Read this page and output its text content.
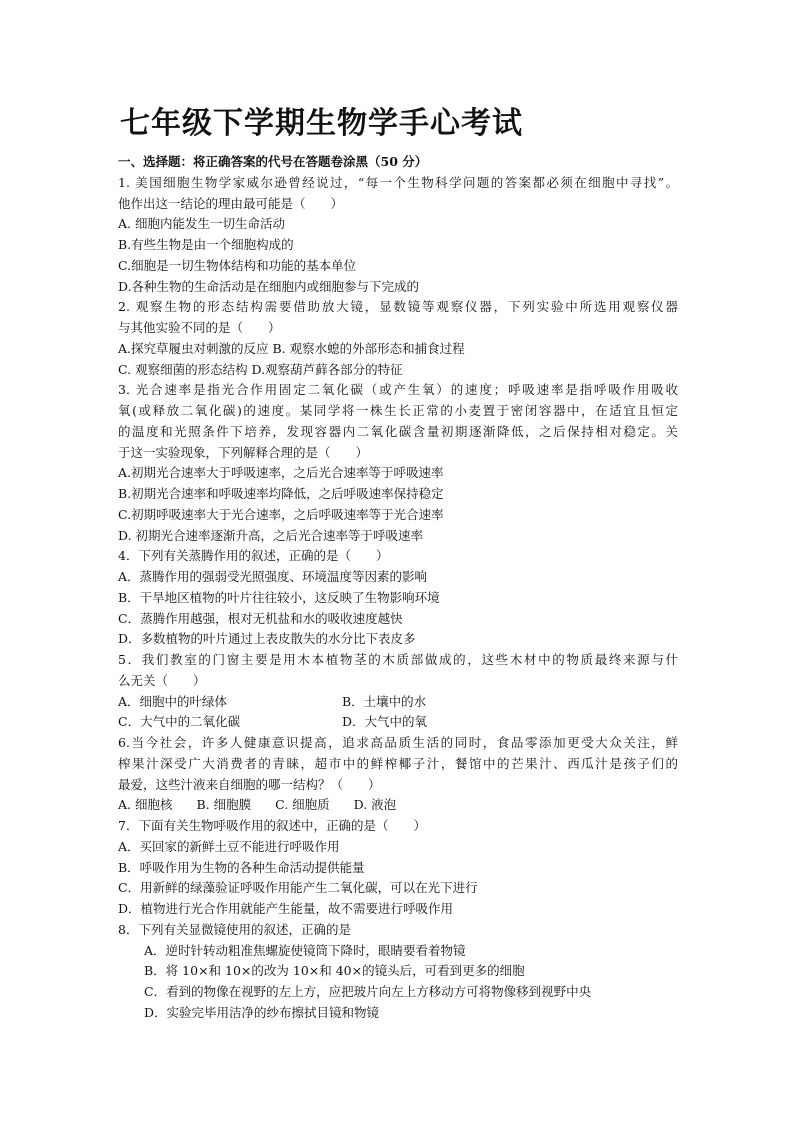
七年级下学期生物学手心考试
一、选择题：将正确答案的代号在答题卷涂黑（50 分）
1. 美国细胞生物学家威尔逊曾经说过，“每一个生物科学问题的答案都必须在细胞中寻找”。
他作出这一结论的理由最可能是（　　）
A. 细胞内能发生一切生命活动
B.有些生物是由一个细胞构成的
C.细胞是一切生物体结构和功能的基本单位
D.各种生物的生命活动是在细胞内或细胞参与下完成的
2. 观察生物的形态结构需要借助放大镜，显数镜等观察仪器，下列实验中所选用观察仪器
与其他实验不同的是（　　）
A.探究草履虫对刺激的反应 B. 观察水螅的外部形态和捕食过程
C. 观察细菌的形态结构 D.观察葫芦藓各部分的特征
3. 光合速率是指光合作用固定二氧化碳（或产生氧）的速度；呼吸速率是指呼吸作用吸收
氧(或释放二氧化碳)的速度。某同学将一株生长正常的小麦置于密闭容器中，在适宜且恒定
的温度和光照条件下培养，发现容器内二氧化碳含量初期逐渐降低，之后保持相对稳定。关
于这一实验现象，下列解释合理的是（　　）
A.初期光合速率大于呼吸速率，之后光合速率等于呼吸速率
B.初期光合速率和呼吸速率均降低，之后呼吸速率保持稳定
C.初期呼吸速率大于光合速率，之后呼吸速率等于光合速率
D. 初期光合速率逐渐升高，之后光合速率等于呼吸速率
4．下列有关蒸腾作用的叙述，正确的是（　　）
A．蒸腾作用的强弱受光照强度、环境温度等因素的影响
B．干旱地区植物的叶片往往较小，这反映了生物影响环境
C．蒸腾作用越强，根对无机盐和水的吸收速度越快
D．多数植物的叶片通过上表皮散失的水分比下表皮多
5．我们教室的门窗主要是用木本植物茎的木质部做成的，这些木材中的物质最终来源与什
么无关（　　）
A．细胞中的叶绿体	B．土壤中的水
C．大气中的二氧化碳	D．大气中的氧
6.当今社会，许多人健康意识提高，追求高品质生活的同时，食品零添加更受大众关注，鲜
榨果汁深受广大消费者的青睐，超市中的鲜榨椰子汁，餐馆中的芒果汁、西瓜汁是孩子们的
最爱，这些汁液来自细胞的哪一结构？（　　）
A. 细胞核 B. 细胞膜 C. 细胞质 D. 液泡
7．下面有关生物呼吸作用的叙述中，正确的是（　　）
A．买回家的新鲜土豆不能进行呼吸作用
B．呼吸作用为生物的各种生命活动提供能量
C．用新鲜的绿藻验证呼吸作用能产生二氧化碳，可以在光下进行
D．植物进行光合作用就能产生能量，故不需要进行呼吸作用
8．下列有关显微镜使用的叙述，正确的是
A．逆时针转动粗准焦螺旋使镜筒下降时，眼睛要看着物镜
B．将 10×和 10×的改为 10×和 40×的镜头后，可看到更多的细胞
C．看到的物像在视野的左上方，应把玻片向左上方移动方可将物像移到视野中央
D．实验完毕用洁净的纱布擦拭目镜和物镜
